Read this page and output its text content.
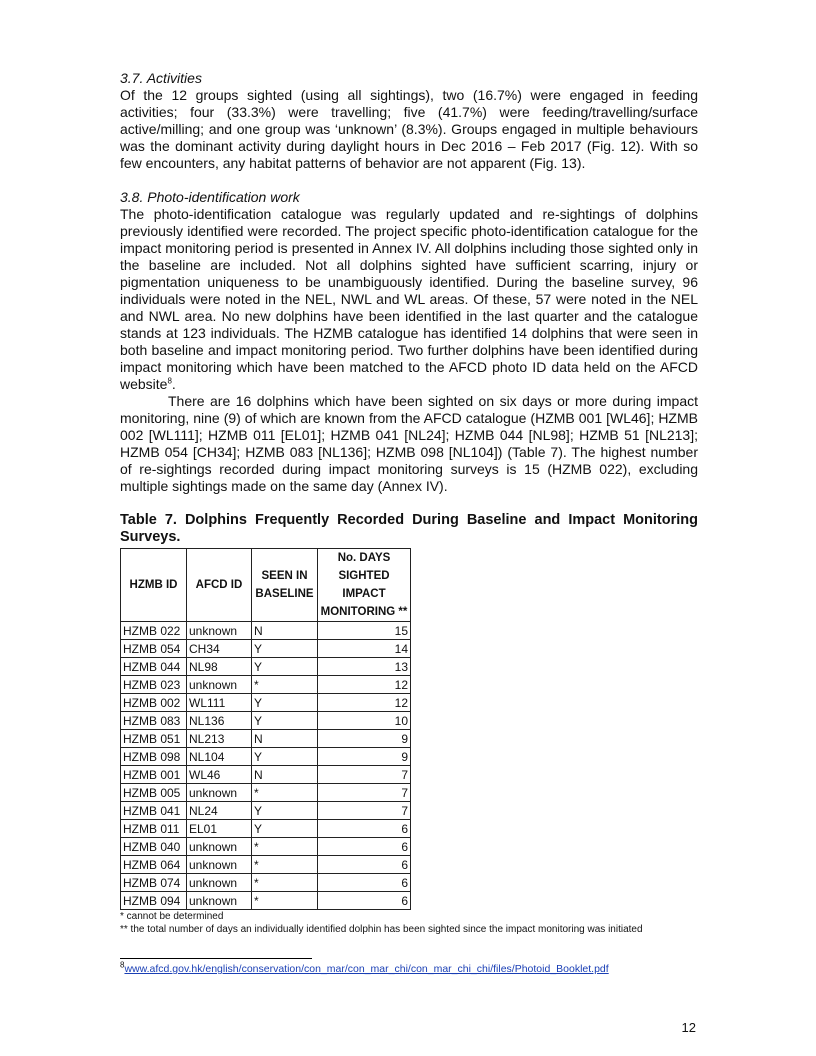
3.7. Activities

Of the 12 groups sighted (using all sightings), two (16.7%) were engaged in feeding activities; four (33.3%) were travelling; five (41.7%) were feeding/travelling/surface active/milling; and one group was ‘unknown’ (8.3%). Groups engaged in multiple behaviours was the dominant activity during daylight hours in Dec 2016 – Feb 2017 (Fig. 12). With so few encounters, any habitat patterns of behavior are not apparent (Fig. 13).

3.8. Photo-identification work

The photo-identification catalogue was regularly updated and re-sightings of dolphins previously identified were recorded. The project specific photo-identification catalogue for the impact monitoring period is presented in Annex IV. All dolphins including those sighted only in the baseline are included. Not all dolphins sighted have sufficient scarring, injury or pigmentation uniqueness to be unambiguously identified. During the baseline survey, 96 individuals were noted in the NEL, NWL and WL areas. Of these, 57 were noted in the NEL and NWL area. No new dolphins have been identified in the last quarter and the catalogue stands at 123 individuals. The HZMB catalogue has identified 14 dolphins that were seen in both baseline and impact monitoring period. Two further dolphins have been identified during impact monitoring which have been matched to the AFCD photo ID data held on the AFCD website$^8$.

There are 16 dolphins which have been sighted on six days or more during impact monitoring, nine (9) of which are known from the AFCD catalogue (HZMB 001 [WL46]; HZMB 002 [WL111]; HZMB 011 [EL01]; HZMB 041 [NL24]; HZMB 044 [NL98]; HZMB 51 [NL213]; HZMB 054 [CH34]; HZMB 083 [NL136]; HZMB 098 [NL104]) (Table 7). The highest number of re-sightings recorded during impact monitoring surveys is 15 (HZMB 022), excluding multiple sightings made on the same day (Annex IV).

Table 7. Dolphins Frequently Recorded During Baseline and Impact Monitoring Surveys.

HZMB ID	AFCD ID	SEEN IN BASELINE	No. DAYS SIGHTED IMPACT MONITORING **
HZMB 022	unknown	N	15
HZMB 054	CH34	Y	14
HZMB 044	NL98	Y	13
HZMB 023	unknown	*	12
HZMB 002	WL111	Y	12
HZMB 083	NL136	Y	10
HZMB 051	NL213	N	9
HZMB 098	NL104	Y	9
HZMB 001	WL46	N	7
HZMB 005	unknown	*	7
HZMB 041	NL24	Y	7
HZMB 011	EL01	Y	6
HZMB 040	unknown	*	6
HZMB 064	unknown	*	6
HZMB 074	unknown	*	6
HZMB 094	unknown	*	6

* cannot be determined

** the total number of days an individually identified dolphin has been sighted since the impact monitoring was initiated

$^8$www.afcd.gov.hk/english/conservation/con_mar/con_mar_chi/con_mar_chi_chi/files/Photoid_Booklet.pdf
12
